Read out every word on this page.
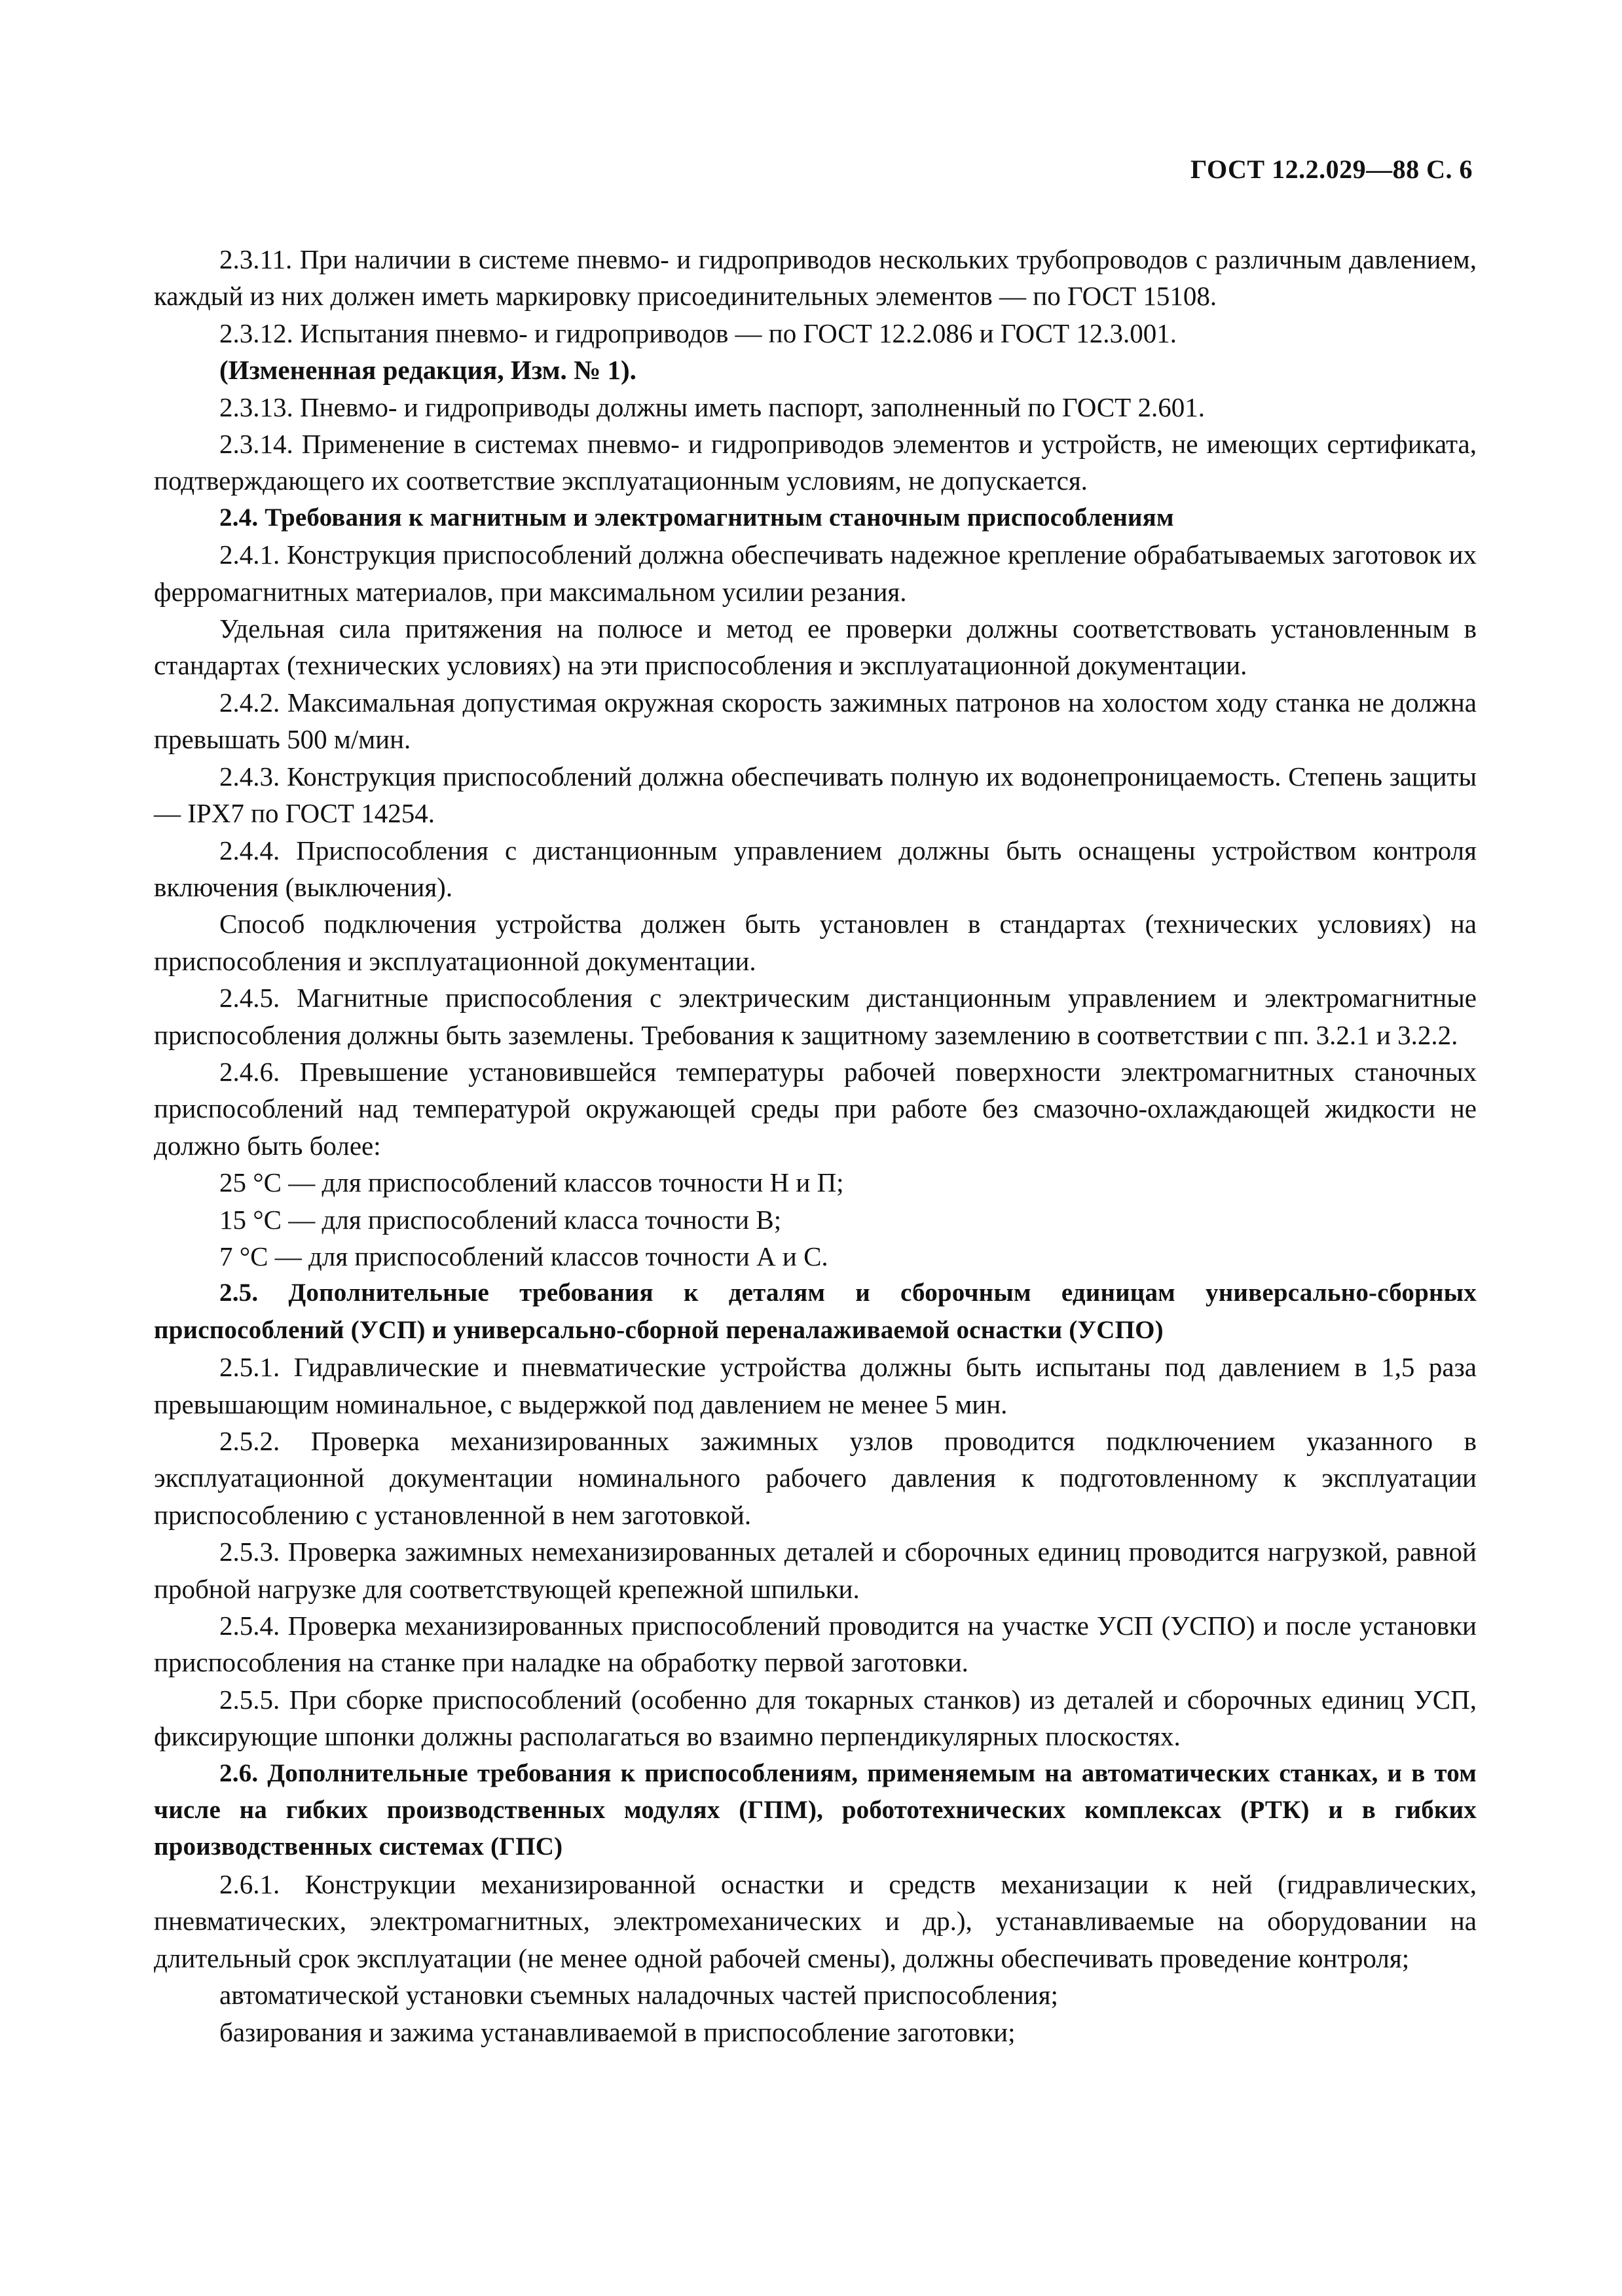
ГОСТ 12.2.029—88 С. 6

2.3.11. При наличии в системе пневмо- и гидроприводов нескольких трубопроводов с различным давлением, каждый из них должен иметь маркировку присоединительных элементов — по ГОСТ 15108.

2.3.12. Испытания пневмо- и гидроприводов — по ГОСТ 12.2.086 и ГОСТ 12.3.001.

(Измененная редакция, Изм. № 1).

2.3.13. Пневмо- и гидроприводы должны иметь паспорт, заполненный по ГОСТ 2.601.

2.3.14. Применение в системах пневмо- и гидроприводов элементов и устройств, не имеющих сертификата, подтверждающего их соответствие эксплуатационным условиям, не допускается.

2.4. Требования к магнитным и электромагнитным станочным приспособлениям

2.4.1. Конструкция приспособлений должна обеспечивать надежное крепление обрабатываемых заготовок их ферромагнитных материалов, при максимальном усилии резания.

Удельная сила притяжения на полюсе и метод ее проверки должны соответствовать установленным в стандартах (технических условиях) на эти приспособления и эксплуатационной документации.

2.4.2. Максимальная допустимая окружная скорость зажимных патронов на холостом ходу станка не должна превышать 500 м/мин.

2.4.3. Конструкция приспособлений должна обеспечивать полную их водонепроницаемость. Степень защиты — IPX7 по ГОСТ 14254.

2.4.4. Приспособления с дистанционным управлением должны быть оснащены устройством контроля включения (выключения).

Способ подключения устройства должен быть установлен в стандартах (технических условиях) на приспособления и эксплуатационной документации.

2.4.5. Магнитные приспособления с электрическим дистанционным управлением и электромагнитные приспособления должны быть заземлены. Требования к защитному заземлению в соответствии с пп. 3.2.1 и 3.2.2.

2.4.6. Превышение установившейся температуры рабочей поверхности электромагнитных станочных приспособлений над температурой окружающей среды при работе без смазочно-охлаждающей жидкости не должно быть более:

25 °С — для приспособлений классов точности Н и П;

15 °С — для приспособлений класса точности В;

7 °С — для приспособлений классов точности А и С.

2.5. Дополнительные требования к деталям и сборочным единицам универсально-сборных приспособлений (УСП) и универсально-сборной переналаживаемой оснастки (УСПО)

2.5.1. Гидравлические и пневматические устройства должны быть испытаны под давлением в 1,5 раза превышающим номинальное, с выдержкой под давлением не менее 5 мин.

2.5.2. Проверка механизированных зажимных узлов проводится подключением указанного в эксплуатационной документации номинального рабочего давления к подготовленному к эксплуатации приспособлению с установленной в нем заготовкой.

2.5.3. Проверка зажимных немеханизированных деталей и сборочных единиц проводится нагрузкой, равной пробной нагрузке для соответствующей крепежной шпильки.

2.5.4. Проверка механизированных приспособлений проводится на участке УСП (УСПО) и после установки приспособления на станке при наладке на обработку первой заготовки.

2.5.5. При сборке приспособлений (особенно для токарных станков) из деталей и сборочных единиц УСП, фиксирующие шпонки должны располагаться во взаимно перпендикулярных плоскостях.

2.6. Дополнительные требования к приспособлениям, применяемым на автоматических станках, и в том числе на гибких производственных модулях (ГПМ), робототехнических комплексах (РТК) и в гибких производственных системах (ГПС)

2.6.1. Конструкции механизированной оснастки и средств механизации к ней (гидравлических, пневматических, электромагнитных, электромеханических и др.), устанавливаемые на оборудовании на длительный срок эксплуатации (не менее одной рабочей смены), должны обеспечивать проведение контроля;

автоматической установки съемных наладочных частей приспособления;

базирования и зажима устанавливаемой в приспособление заготовки;
